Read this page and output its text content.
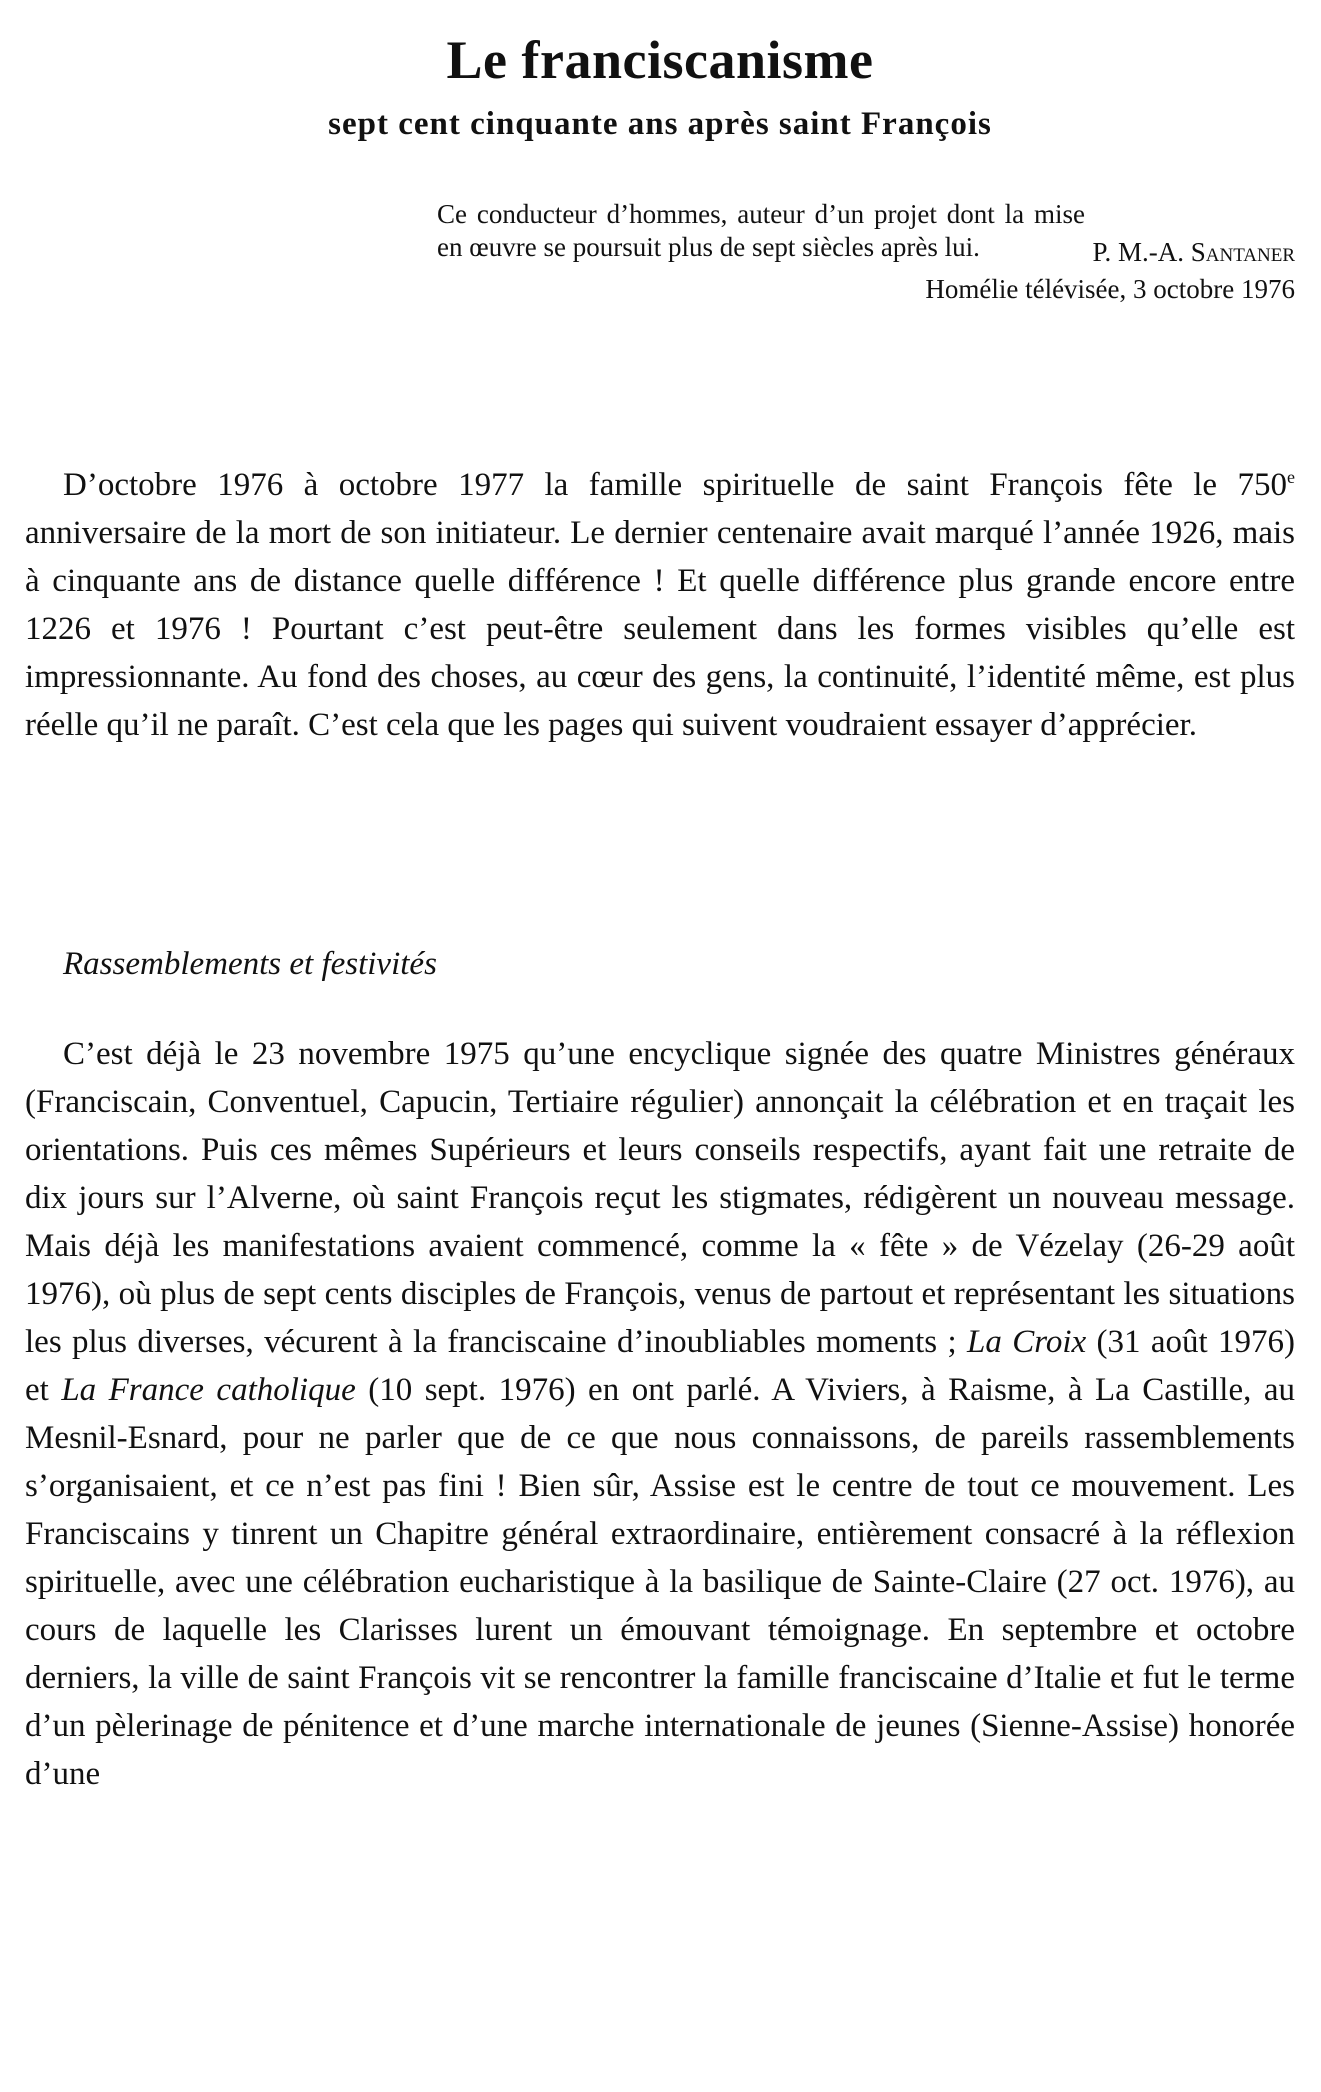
Le franciscanisme
sept cent cinquante ans après saint François
Ce conducteur d’hommes, auteur d’un projet dont la mise en œuvre se poursuit plus de sept siècles après lui.	P. M.-A. Santaner
Homélie télévisée, 3 octobre 1976

D’octobre 1976 à octobre 1977 la famille spirituelle de saint François fête le 750e anniversaire de la mort de son initiateur. Le dernier centenaire avait marqué l’année 1926, mais à cinquante ans de distance quelle différence ! Et quelle différence plus grande encore entre 1226 et 1976 ! Pourtant c’est peut-être seulement dans les formes visibles qu’elle est impressionnante. Au fond des choses, au cœur des gens, la continuité, l’identité même, est plus réelle qu’il ne paraît. C’est cela que les pages qui suivent voudraient essayer d’apprécier.

Rassemblements et festivités

C’est déjà le 23 novembre 1975 qu’une encyclique signée des quatre Ministres généraux (Franciscain, Conventuel, Capucin, Tertiaire régulier) annonçait la célébration et en traçait les orientations. Puis ces mêmes Supérieurs et leurs conseils respectifs, ayant fait une retraite de dix jours sur l’Alverne, où saint François reçut les stigmates, rédigèrent un nouveau message. Mais déjà les manifestations avaient commencé, comme la « fête » de Vézelay (26-29 août 1976), où plus de sept cents disciples de François, venus de partout et représentant les situations les plus diverses, vécurent à la franciscaine d’inoubliables moments ; La Croix (31 août 1976) et La France catholique (10 sept. 1976) en ont parlé. A Viviers, à Raisme, à La Castille, au Mesnil-Esnard, pour ne parler que de ce que nous connaissons, de pareils rassemblements s’organisaient, et ce n’est pas fini ! Bien sûr, Assise est le centre de tout ce mouvement. Les Franciscains y tinrent un Chapitre général extraordinaire, entièrement consacré à la réflexion spirituelle, avec une célébration eucharistique à la basilique de Sainte-Claire (27 oct. 1976), au cours de laquelle les Clarisses lurent un émouvant témoignage. En septembre et octobre derniers, la ville de saint François vit se rencontrer la famille franciscaine d’Italie et fut le terme d’un pèlerinage de pénitence et d’une marche internationale de jeunes (Sienne-Assise) honorée d’une
